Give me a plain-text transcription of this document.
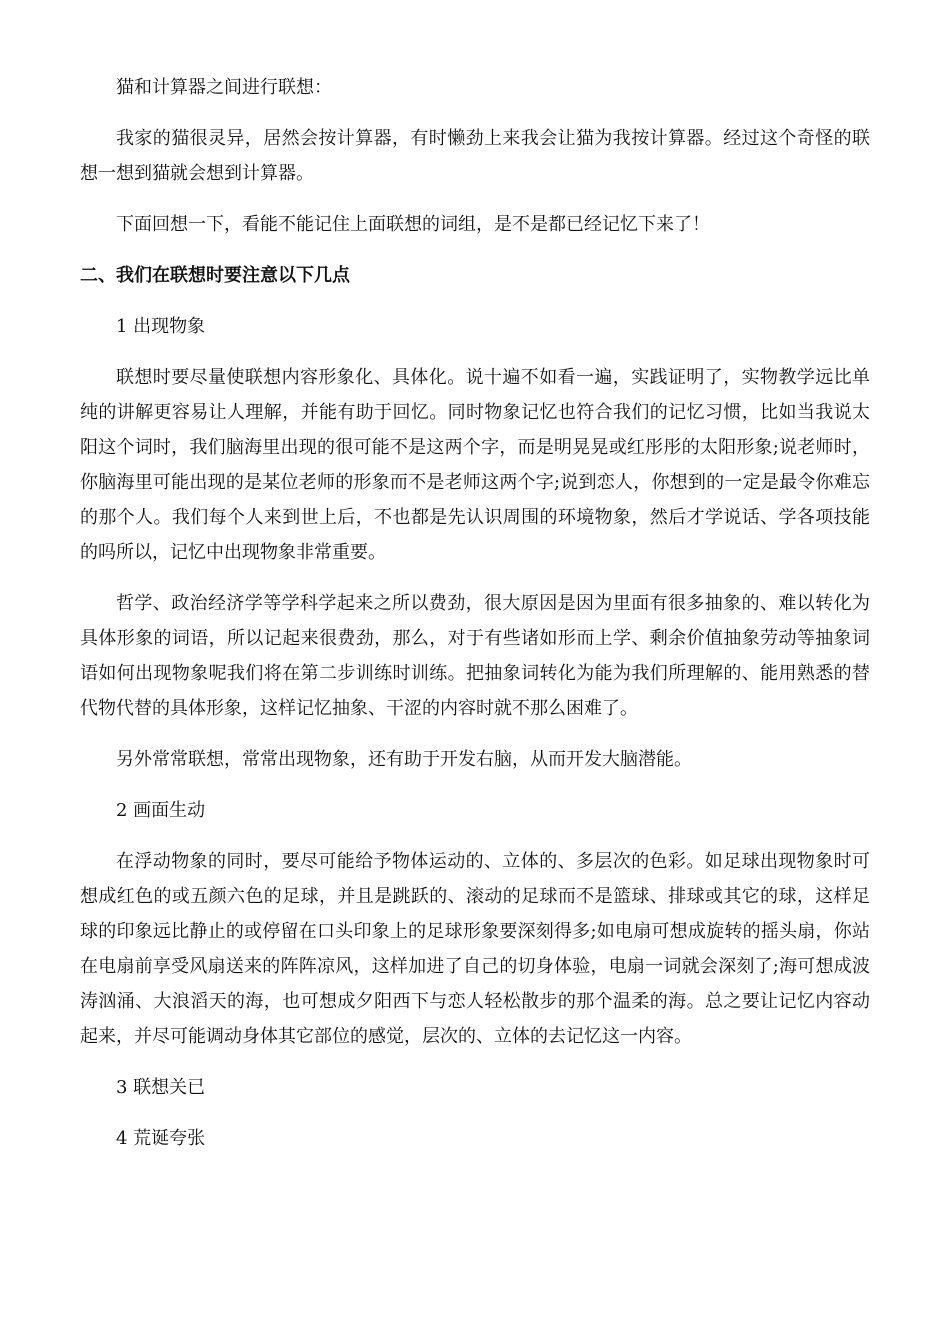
猫和计算器之间进行联想：

我家的猫很灵异，居然会按计算器，有时懒劲上来我会让猫为我按计算器。经过这个奇怪的联想一想到猫就会想到计算器。

下面回想一下，看能不能记住上面联想的词组，是不是都已经记忆下来了！

二、我们在联想时要注意以下几点

1 出现物象

联想时要尽量使联想内容形象化、具体化。说十遍不如看一遍，实践证明了，实物教学远比单纯的讲解更容易让人理解，并能有助于回忆。同时物象记忆也符合我们的记忆习惯，比如当我说太阳这个词时，我们脑海里出现的很可能不是这两个字，而是明晃晃或红彤彤的太阳形象;说老师时，你脑海里可能出现的是某位老师的形象而不是老师这两个字;说到恋人，你想到的一定是最令你难忘的那个人。我们每个人来到世上后，不也都是先认识周围的环境物象，然后才学说话、学各项技能的吗所以，记忆中出现物象非常重要。

哲学、政治经济学等学科学起来之所以费劲，很大原因是因为里面有很多抽象的、难以转化为具体形象的词语，所以记起来很费劲，那么，对于有些诸如形而上学、剩余价值抽象劳动等抽象词语如何出现物象呢我们将在第二步训练时训练。把抽象词转化为能为我们所理解的、能用熟悉的替代物代替的具体形象，这样记忆抽象、干涩的内容时就不那么困难了。

另外常常联想，常常出现物象，还有助于开发右脑，从而开发大脑潜能。

2 画面生动

在浮动物象的同时，要尽可能给予物体运动的、立体的、多层次的色彩。如足球出现物象时可想成红色的或五颜六色的足球，并且是跳跃的、滚动的足球而不是篮球、排球或其它的球，这样足球的印象远比静止的或停留在口头印象上的足球形象要深刻得多;如电扇可想成旋转的摇头扇，你站在电扇前享受风扇送来的阵阵凉风，这样加进了自己的切身体验，电扇一词就会深刻了;海可想成波涛汹涌、大浪滔天的海，也可想成夕阳西下与恋人轻松散步的那个温柔的海。总之要让记忆内容动起来，并尽可能调动身体其它部位的感觉，层次的、立体的去记忆这一内容。

3 联想关已

4 荒诞夸张
